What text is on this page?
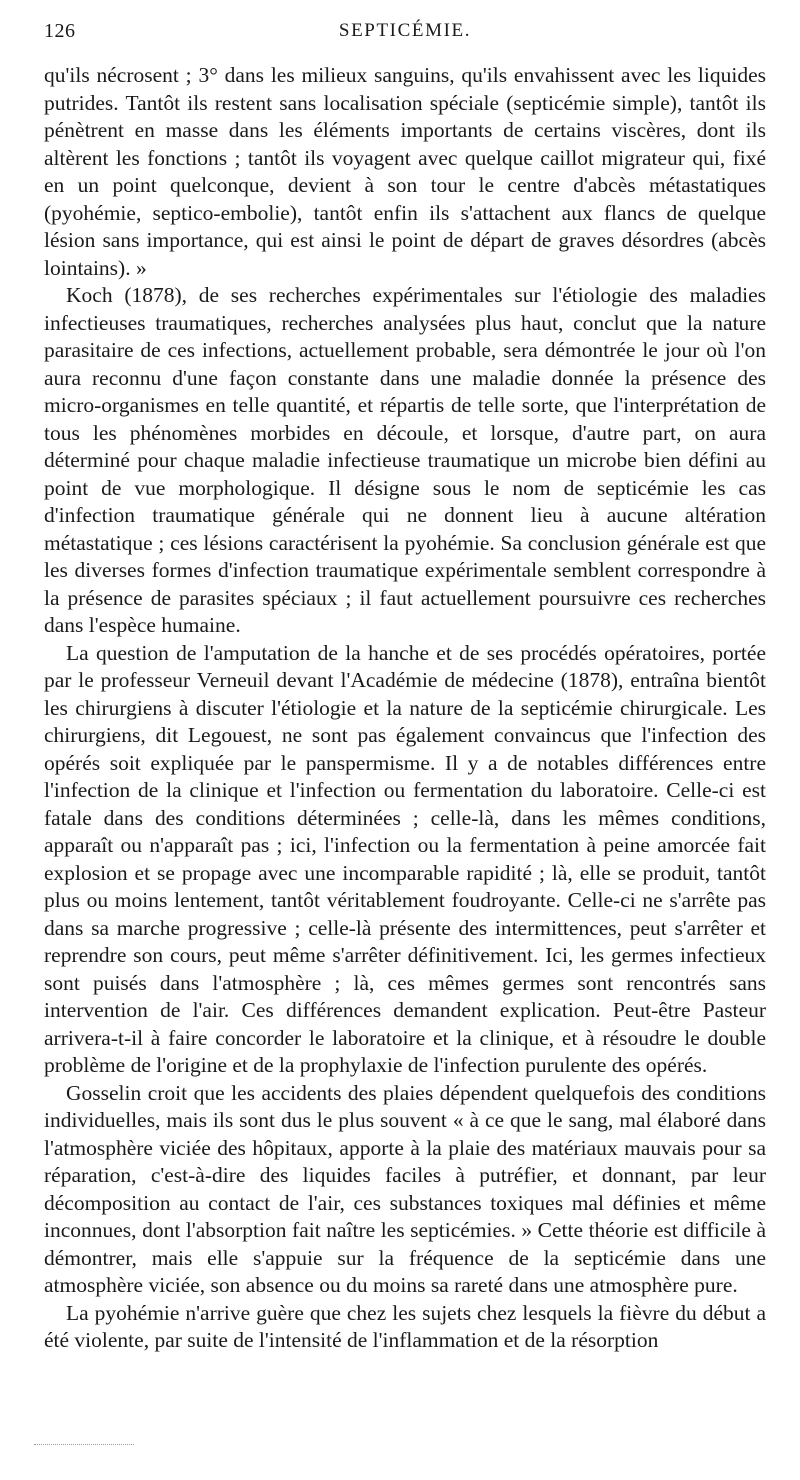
126	SEPTICÉMIE.

qu'ils nécrosent ; 3° dans les milieux sanguins, qu'ils envahissent avec les liquides putrides. Tantôt ils restent sans localisation spéciale (septicémie simple), tantôt ils pénètrent en masse dans les éléments importants de certains viscères, dont ils altèrent les fonctions ; tantôt ils voyagent avec quelque caillot migrateur qui, fixé en un point quelconque, devient à son tour le centre d'abcès métastatiques (pyohémie, septico-embolie), tantôt enfin ils s'attachent aux flancs de quelque lésion sans importance, qui est ainsi le point de départ de graves désordres (abcès lointains). »

Koch (1878), de ses recherches expérimentales sur l'étiologie des maladies infectieuses traumatiques, recherches analysées plus haut, conclut que la nature parasitaire de ces infections, actuellement probable, sera démontrée le jour où l'on aura reconnu d'une façon constante dans une maladie donnée la présence des micro-organismes en telle quantité, et répartis de telle sorte, que l'interprétation de tous les phénomènes morbides en découle, et lorsque, d'autre part, on aura déterminé pour chaque maladie infectieuse traumatique un microbe bien défini au point de vue morphologique. Il désigne sous le nom de septicémie les cas d'infection traumatique générale qui ne donnent lieu à aucune altération métastatique ; ces lésions caractérisent la pyohémie. Sa conclusion générale est que les diverses formes d'infection traumatique expérimentale semblent correspondre à la présence de parasites spéciaux ; il faut actuellement poursuivre ces recherches dans l'espèce humaine.

La question de l'amputation de la hanche et de ses procédés opératoires, portée par le professeur Verneuil devant l'Académie de médecine (1878), entraîna bientôt les chirurgiens à discuter l'étiologie et la nature de la septicémie chirurgicale. Les chirurgiens, dit Legouest, ne sont pas également convaincus que l'infection des opérés soit expliquée par le panspermisme. Il y a de notables différences entre l'infection de la clinique et l'infection ou fermentation du laboratoire. Celle-ci est fatale dans des conditions déterminées ; celle-là, dans les mêmes conditions, apparaît ou n'apparaît pas ; ici, l'infection ou la fermentation à peine amorcée fait explosion et se propage avec une incomparable rapidité ; là, elle se produit, tantôt plus ou moins lentement, tantôt véritablement foudroyante. Celle-ci ne s'arrête pas dans sa marche progressive ; celle-là présente des intermittences, peut s'arrêter et reprendre son cours, peut même s'arrêter définitivement. Ici, les germes infectieux sont puisés dans l'atmosphère ; là, ces mêmes germes sont rencontrés sans intervention de l'air. Ces différences demandent explication. Peut-être Pasteur arrivera-t-il à faire concorder le laboratoire et la clinique, et à résoudre le double problème de l'origine et de la prophylaxie de l'infection purulente des opérés.

Gosselin croit que les accidents des plaies dépendent quelquefois des conditions individuelles, mais ils sont dus le plus souvent « à ce que le sang, mal élaboré dans l'atmosphère viciée des hôpitaux, apporte à la plaie des matériaux mauvais pour sa réparation, c'est-à-dire des liquides faciles à putréfier, et donnant, par leur décomposition au contact de l'air, ces substances toxiques mal définies et même inconnues, dont l'absorption fait naître les septicémies. » Cette théorie est difficile à démontrer, mais elle s'appuie sur la fréquence de la septicémie dans une atmosphère viciée, son absence ou du moins sa rareté dans une atmosphère pure.

La pyohémie n'arrive guère que chez les sujets chez lesquels la fièvre du début a été violente, par suite de l'intensité de l'inflammation et de la résorption
